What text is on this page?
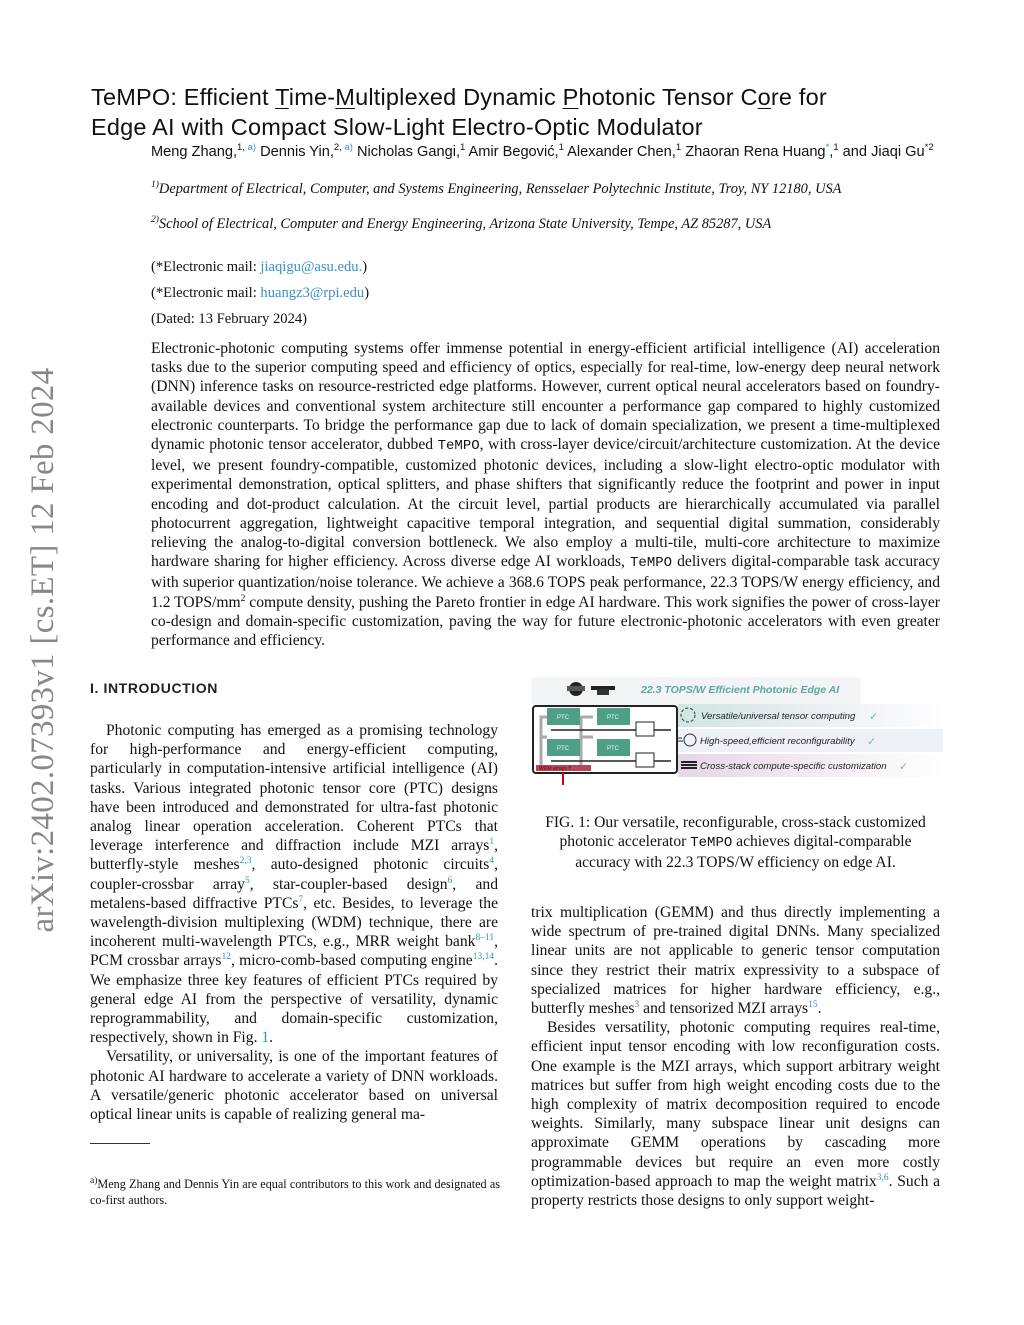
arXiv:2402.07393v1 [cs.ET] 12 Feb 2024
TeMPO: Efficient Time-Multiplexed Dynamic Photonic Tensor Core for
Edge AI with Compact Slow-Light Electro-Optic Modulator
Meng Zhang,$^{1,}$ $^{a)}$ Dennis Yin,$^{2,}$ $^{a)}$ Nicholas Gangi,$^1$ Amir Begović,$^1$ Alexander Chen,$^1$ Zhaoran Rena Huang*,$^1$ and Jiaqi Gu$^{*2}$
$^{1)}$Department of Electrical, Computer, and Systems Engineering, Rensselaer Polytechnic Institute, Troy, NY 12180, USA
$^{2)}$School of Electrical, Computer and Energy Engineering, Arizona State University, Tempe, AZ 85287, USA
(*Electronic mail: jiaqigu@asu.edu.)
(*Electronic mail: huangz3@rpi.edu)
(Dated: 13 February 2024)
Electronic-photonic computing systems offer immense potential in energy-efficient artificial intelligence (AI) acceleration tasks due to the superior computing speed and efficiency of optics, especially for real-time, low-energy deep neural network (DNN) inference tasks on resource-restricted edge platforms. However, current optical neural accelerators based on foundry-available devices and conventional system architecture still encounter a performance gap compared to highly customized electronic counterparts. To bridge the performance gap due to lack of domain specialization, we present a time-multiplexed dynamic photonic tensor accelerator, dubbed TeMPO, with cross-layer device/circuit/architecture customization. At the device level, we present foundry-compatible, customized photonic devices, including a slow-light electro-optic modulator with experimental demonstration, optical splitters, and phase shifters that significantly reduce the footprint and power in input encoding and dot-product calculation. At the circuit level, partial products are hierarchically accumulated via parallel photocurrent aggregation, lightweight capacitive temporal integration, and sequential digital summation, considerably relieving the analog-to-digital conversion bottleneck. We also employ a multi-tile, multi-core architecture to maximize hardware sharing for higher efficiency. Across diverse edge AI workloads, TeMPO delivers digital-comparable task accuracy with superior quantization/noise tolerance. We achieve a 368.6 TOPS peak performance, 22.3 TOPS/W energy efficiency, and 1.2 TOPS/$mm^2$ compute density, pushing the Pareto frontier in edge AI hardware. This work signifies the power of cross-layer co-design and domain-specific customization, paving the way for future electronic-photonic accelerators with even greater performance and efficiency.
I. INTRODUCTION

Photonic computing has emerged as a promising technology for high-performance and energy-efficient computing, particularly in computation-intensive artificial intelligence (AI) tasks. Various integrated photonic tensor core (PTC) designs have been introduced and demonstrated for ultra-fast photonic analog linear operation acceleration. Coherent PTCs that leverage interference and diffraction include MZI arrays$^1$, butterfly-style meshes$^{2,3}$, auto-designed photonic circuits$^4$, coupler-crossbar array$^5$, star-coupler-based design$^6$, and metalens-based diffractive PTCs$^7$, etc. Besides, to leverage the wavelength-division multiplexing (WDM) technique, there are incoherent multi-wavelength PTCs, e.g., MRR weight bank$^{8-11}$, PCM crossbar arrays$^{12}$, micro-comb-based computing engine$^{13,14}$. We emphasize three key features of efficient PTCs required by general edge AI from the perspective of versatility, dynamic reprogrammability, and domain-specific customization, respectively, shown in Fig. 1.

Versatility, or universality, is one of the important features of photonic AI hardware to accelerate a variety of DNN workloads. A versatile/generic photonic accelerator based on universal optical linear units is capable of realizing general ma-

$^{a)}$Meng Zhang and Dennis Yin are equal contributors to this work and designated as co-first authors.
22.3 TOPS/W Efficient Photonic Edge AI
PTC	PTC
PTC	PTC
WDM arrays Y
Versatile/universal tensor computing
High-speed,efficient reconfigurability
Cross-stack compute-specific customization
✓
✓
✓
FIG. 1: Our versatile, reconfigurable, cross-stack customized photonic accelerator TeMPO achieves digital-comparable accuracy with 22.3 TOPS/W efficiency on edge AI.

trix multiplication (GEMM) and thus directly implementing a wide spectrum of pre-trained digital DNNs. Many specialized linear units are not applicable to generic tensor computation since they restrict their matrix expressivity to a subspace of specialized matrices for higher hardware efficiency, e.g., butterfly meshes$^3$ and tensorized MZI arrays$^{15}$.

Besides versatility, photonic computing requires real-time, efficient input tensor encoding with low reconfiguration costs. One example is the MZI arrays, which support arbitrary weight matrices but suffer from high weight encoding costs due to the high complexity of matrix decomposition required to encode weights. Similarly, many subspace linear unit designs can approximate GEMM operations by cascading more programmable devices but require an even more costly optimization-based approach to map the weight matrix$^{3,6}$. Such a property restricts those designs to only support weight-
